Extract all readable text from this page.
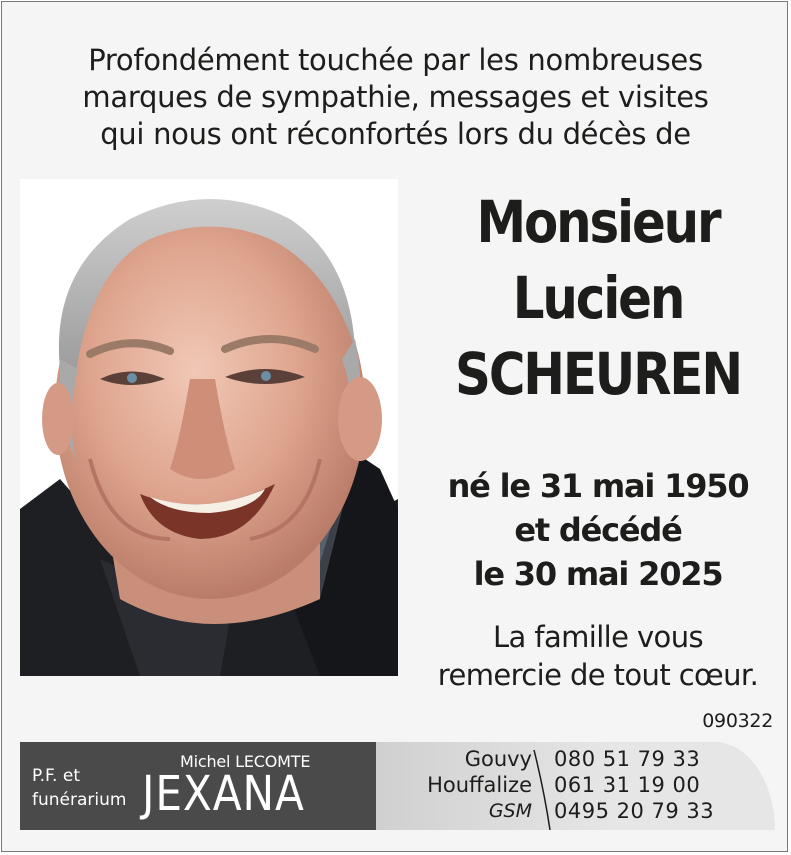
Profondément touchée par les nombreuses
marques de sympathie, messages et visites
qui nous ont réconfortés lors du décès de
Monsieur
Lucien
SCHEUREN
né le 31 mai 1950
et décédé
le 30 mai 2025
La famille vous
remercie de tout cœur.
090322
P.F. et
funérarium
Michel LECOMTE
JEXANA
Gouvy
Houffalize
GSM
080 51 79 33
061 31 19 00
0495 20 79 33
